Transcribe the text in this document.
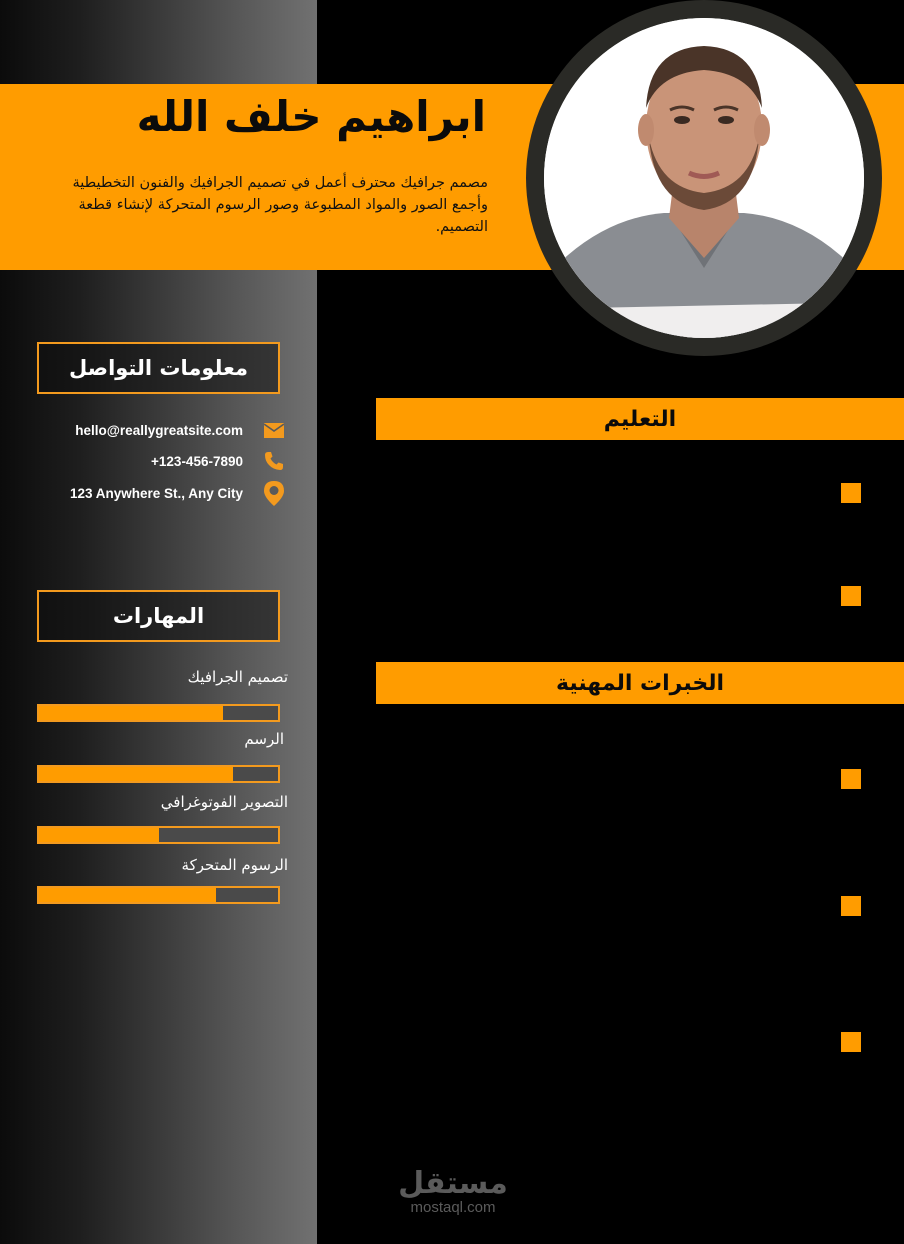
ابراهيم خلف الله
مصمم جرافيك محترف أعمل في تصميم الجرافيك والفنون التخطيطية وأجمع الصور والمواد المطبوعة وصور الرسوم المتحركة لإنشاء قطعة التصميم.
معلومات التواصل
hello@reallygreatsite.com
+123-456-7890
123 Anywhere St., Any City
المهارات
تصميم الجرافيك
الرسم
التصوير الفوتوغرافي
الرسوم المتحركة
التعليم
الخبرات المهنية
مستقل
mostaql.com
